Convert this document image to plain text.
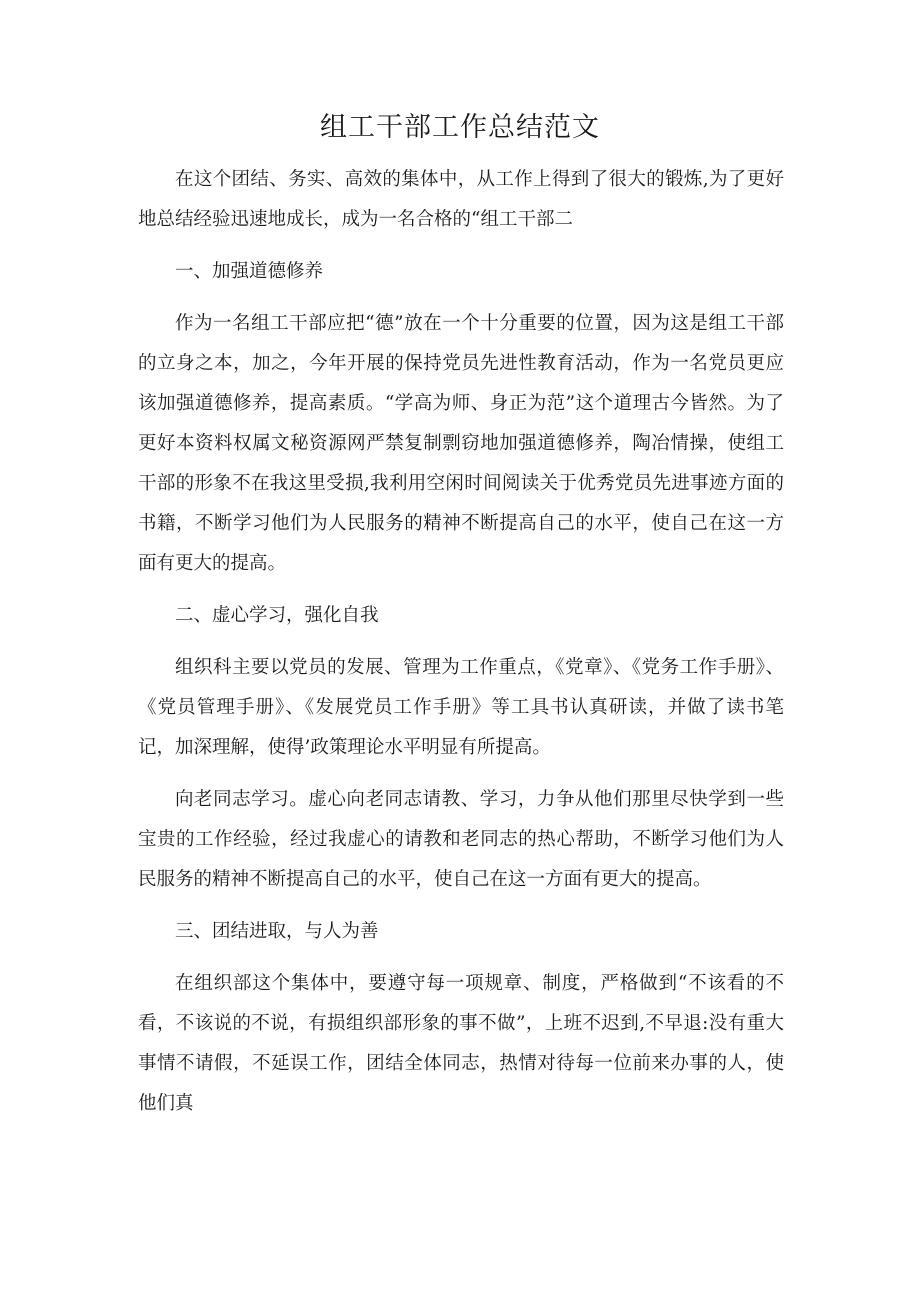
组工干部工作总结范文

在这个团结、务实、高效的集体中，从工作上得到了很大的锻炼,为了更好地总结经验迅速地成长，成为一名合格的“组工干部二

一、加强道德修养

作为一名组工干部应把“德”放在一个十分重要的位置，因为这是组工干部的立身之本，加之，今年开展的保持党员先进性教育活动，作为一名党员更应该加强道德修养，提高素质。“学高为师、身正为范”这个道理古今皆然。为了更好本资料权属文秘资源网严禁复制剽窃地加强道德修养，陶冶情操，使组工干部的形象不在我这里受损,我利用空闲时间阅读关于优秀党员先进事迹方面的书籍，不断学习他们为人民服务的精神不断提高自己的水平，使自己在这一方面有更大的提高。

二、虚心学习，强化自我

组织科主要以党员的发展、管理为工作重点，《党章》、《党务工作手册》、《党员管理手册》、《发展党员工作手册》等工具书认真研读，并做了读书笔记，加深理解，使得’政策理论水平明显有所提高。

向老同志学习。虚心向老同志请教、学习，力争从他们那里尽快学到一些宝贵的工作经验，经过我虚心的请教和老同志的热心帮助，不断学习他们为人民服务的精神不断提高自己的水平，使自己在这一方面有更大的提高。

三、团结进取，与人为善

在组织部这个集体中，要遵守每一项规章、制度，严格做到“不该看的不看，不该说的不说，有损组织部形象的事不做”，上班不迟到,不早退:没有重大事情不请假，不延误工作，团结全体同志，热情对待每一位前来办事的人，使他们真
